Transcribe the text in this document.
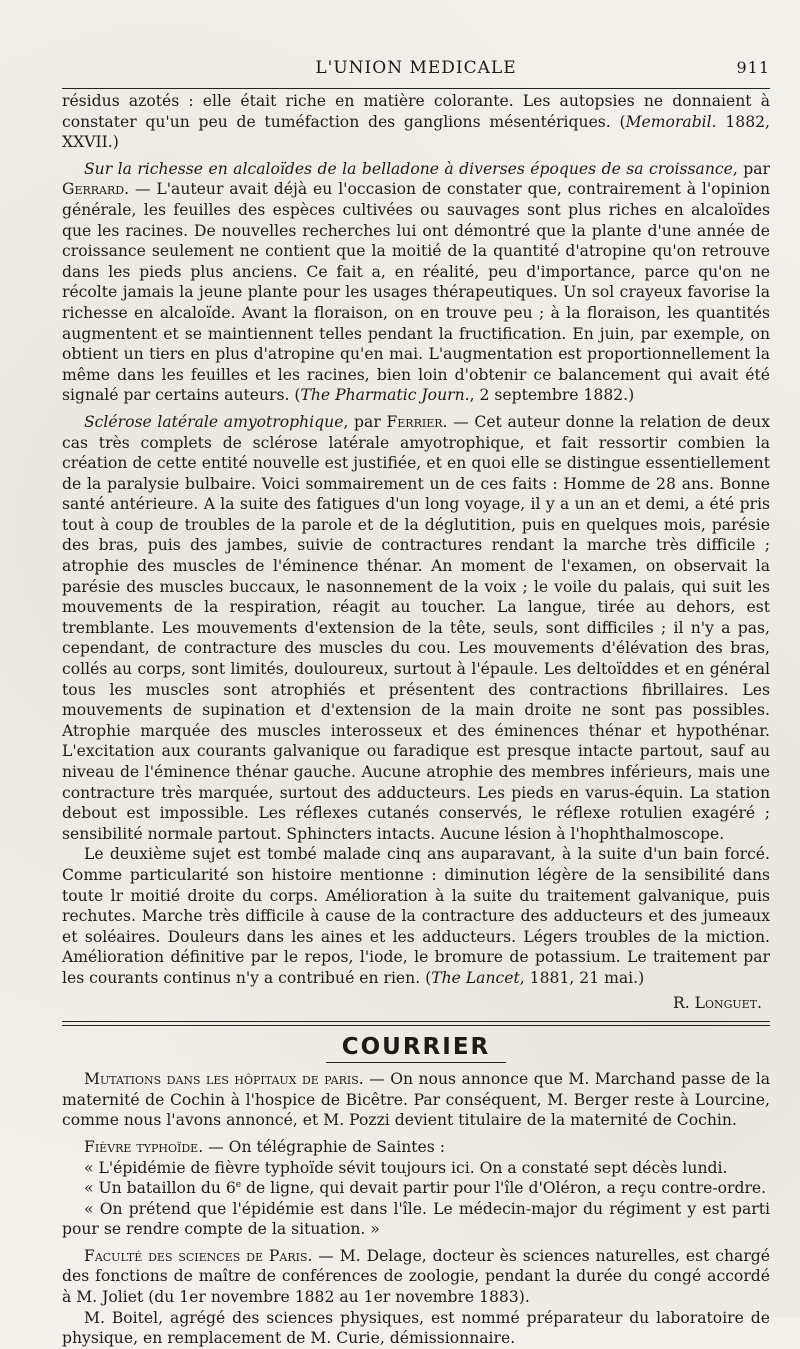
L'UNION MEDICALE	911

résidus azotés : elle était riche en matière colorante. Les autopsies ne donnaient à constater qu'un peu de tuméfaction des ganglions mésentériques. (Memorabil. 1882, XXVII.)

Sur la richesse en alcaloïdes de la belladone à diverses époques de sa croissance, par Gerrard. — L'auteur avait déjà eu l'occasion de constater que, contrairement à l'opinion générale, les feuilles des espèces cultivées ou sauvages sont plus riches en alcaloïdes que les racines. De nouvelles recherches lui ont démontré que la plante d'une année de croissance seulement ne contient que la moitié de la quantité d'atropine qu'on retrouve dans les pieds plus anciens. Ce fait a, en réalité, peu d'importance, parce qu'on ne récolte jamais la jeune plante pour les usages thérapeutiques. Un sol crayeux favorise la richesse en alcaloïde. Avant la floraison, on en trouve peu ; à la floraison, les quantités augmentent et se maintiennent telles pendant la fructification. En juin, par exemple, on obtient un tiers en plus d'atropine qu'en mai. L'augmentation est proportionnellement la même dans les feuilles et les racines, bien loin d'obtenir ce balancement qui avait été signalé par certains auteurs. (The Pharmatic Journ., 2 septembre 1882.)

Sclérose latérale amyotrophique, par Ferrier. — Cet auteur donne la relation de deux cas très complets de sclérose latérale amyotrophique, et fait ressortir combien la création de cette entité nouvelle est justifiée, et en quoi elle se distingue essentiellement de la paralysie bulbaire. Voici sommairement un de ces faits : Homme de 28 ans. Bonne santé antérieure. A la suite des fatigues d'un long voyage, il y a un an et demi, a été pris tout à coup de troubles de la parole et de la déglutition, puis en quelques mois, parésie des bras, puis des jambes, suivie de contractures rendant la marche très difficile ; atrophie des muscles de l'éminence thénar. An moment de l'examen, on observait la parésie des muscles buccaux, le nasonnement de la voix ; le voile du palais, qui suit les mouvements de la respiration, réagit au toucher. La langue, tirée au dehors, est tremblante. Les mouvements d'extension de la tête, seuls, sont difficiles ; il n'y a pas, cependant, de contracture des muscles du cou. Les mouvements d'élévation des bras, collés au corps, sont limités, douloureux, surtout à l'épaule. Les deltoïddes et en général tous les muscles sont atrophiés et présentent des contractions fibrillaires. Les mouvements de supination et d'extension de la main droite ne sont pas possibles. Atrophie marquée des muscles interosseux et des éminences thénar et hypothénar. L'excitation aux courants galvanique ou faradique est presque intacte partout, sauf au niveau de l'éminence thénar gauche. Aucune atrophie des membres inférieurs, mais une contracture très marquée, surtout des adducteurs. Les pieds en varus-équin. La station debout est impossible. Les réflexes cutanés conservés, le réflexe rotulien exagéré ; sensibilité normale partout. Sphincters intacts. Aucune lésion à l'hophthalmoscope.

Le deuxième sujet est tombé malade cinq ans auparavant, à la suite d'un bain forcé. Comme particularité son histoire mentionne : diminution légère de la sensibilité dans toute lr moitié droite du corps. Amélioration à la suite du traitement galvanique, puis rechutes. Marche très difficile à cause de la contracture des adducteurs et des jumeaux et soléaires. Douleurs dans les aines et les adducteurs. Légers troubles de la miction. Amélioration définitive par le repos, l'iode, le bromure de potassium. Le traitement par les courants continus n'y a contribué en rien. (The Lancet, 1881, 21 mai.)

R. Longuet.

COURRIER

Mutations dans les hôpitaux de paris. — On nous annonce que M. Marchand passe de la maternité de Cochin à l'hospice de Bicêtre. Par conséquent, M. Berger reste à Lourcine, comme nous l'avons annoncé, et M. Pozzi devient titulaire de la maternité de Cochin.

Fièvre typhoïde. — On télégraphie de Saintes :

« L'épidémie de fièvre typhoïde sévit toujours ici. On a constaté sept décès lundi.

« Un bataillon du 6e de ligne, qui devait partir pour l'île d'Oléron, a reçu contre-ordre.

« On prétend que l'épidémie est dans l'île. Le médecin-major du régiment y est parti pour se rendre compte de la situation. »

Faculté des sciences de Paris. — M. Delage, docteur ès sciences naturelles, est chargé des fonctions de maître de conférences de zoologie, pendant la durée du congé accordé à M. Joliet (du 1er novembre 1882 au 1er novembre 1883).

M. Boitel, agrégé des sciences physiques, est nommé préparateur du laboratoire de physique, en remplacement de M. Curie, démissionnaire.
